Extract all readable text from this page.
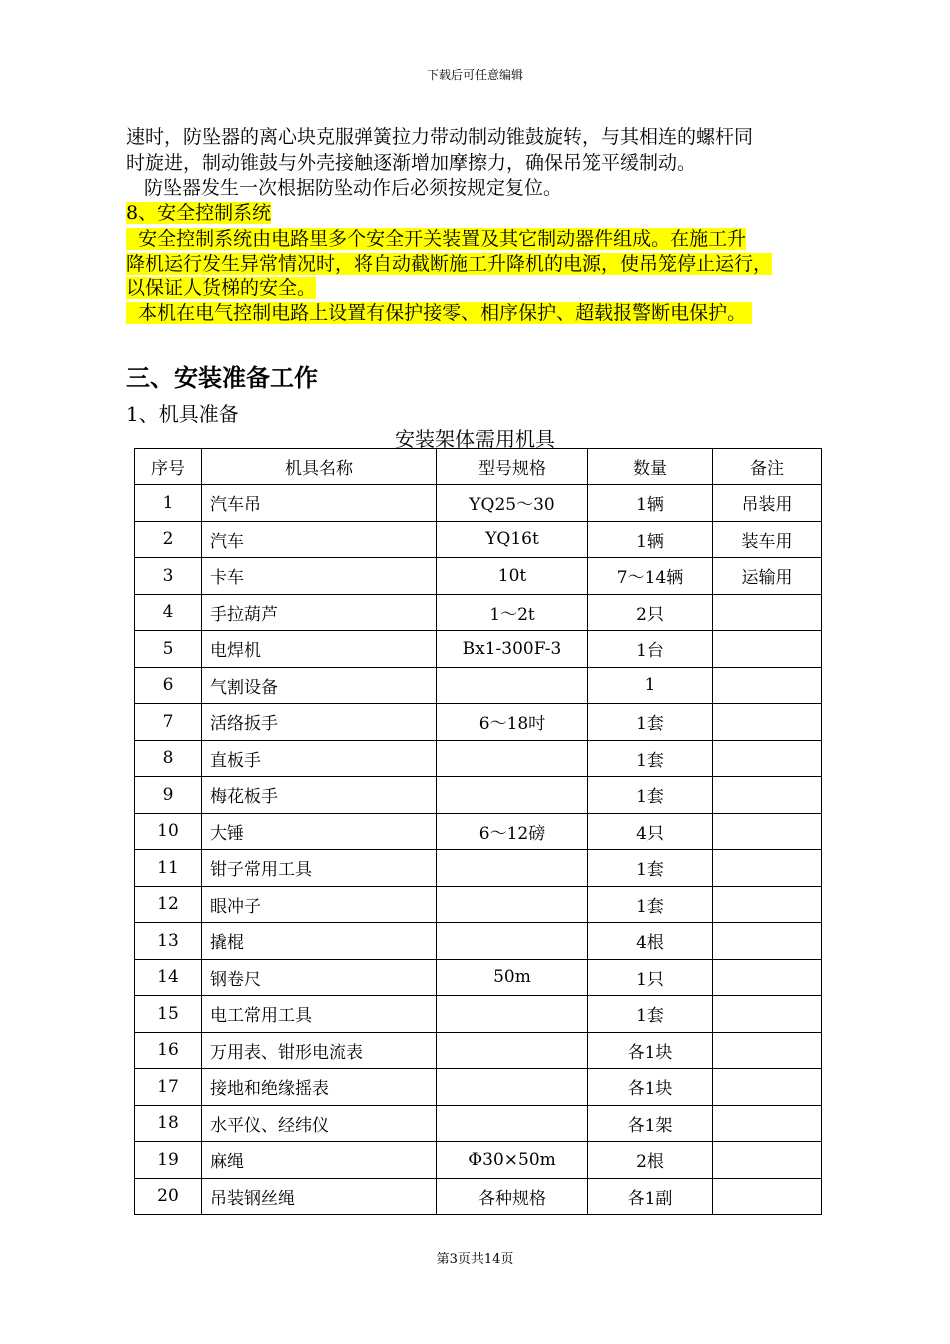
下载后可任意编辑
速时，防坠器的离心块克服弹簧拉力带动制动锥鼓旋转，与其相连的螺杆同
时旋进，制动锥鼓与外壳接触逐渐增加摩擦力，确保吊笼平缓制动。
防坠器发生一次根据防坠动作后必须按规定复位。
8、安全控制系统
安全控制系统由电路里多个安全开关装置及其它制动器件组成。在施工升
降机运行发生异常情况时，将自动截断施工升降机的电源，使吊笼停止运行，
以保证人货梯的安全。
本机在电气控制电路上设置有保护接零、相序保护、超载报警断电保护。
三、安装准备工作
1、机具准备
安装架体需用机具
序号	机具名称	型号规格	数量	备注
1	汽车吊	YQ25～30	1辆	吊装用
2	汽车	YQ16t	1辆	装车用
3	卡车	10t	7～14辆	运输用
4	手拉葫芦	1～2t	2只	
5	电焊机	Bx1-300F-3	1台	
6	气割设备		1	
7	活络扳手	6～18吋	1套	
8	直板手		1套	
9	梅花板手		1套	
10	大锤	6～12磅	4只	
11	钳子常用工具		1套	
12	眼冲子		1套	
13	撬棍		4根	
14	钢卷尺	50m	1只	
15	电工常用工具		1套	
16	万用表、钳形电流表		各1块	
17	接地和绝缘摇表		各1块	
18	水平仪、经纬仪		各1架	
19	麻绳	Φ30×50m	2根	
20	吊装钢丝绳	各种规格	各1副	
第3页共14页
